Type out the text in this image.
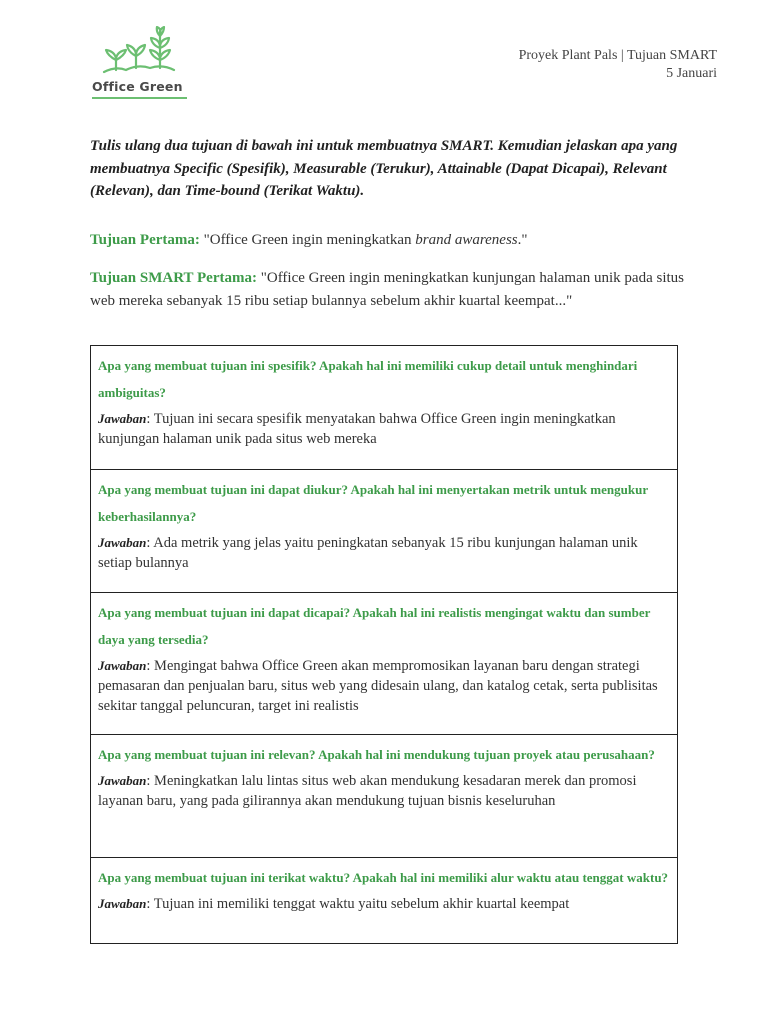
Office Green
Proyek Plant Pals | Tujuan SMART
5 Januari
Tulis ulang dua tujuan di bawah ini untuk membuatnya SMART. Kemudian jelaskan apa yang membuatnya Specific (Spesifik), Measurable (Terukur), Attainable (Dapat Dicapai), Relevant (Relevan), dan Time-bound (Terikat Waktu).
Tujuan Pertama: "Office Green ingin meningkatkan brand awareness."
Tujuan SMART Pertama: "Office Green ingin meningkatkan kunjungan halaman unik pada situs web mereka sebanyak 15 ribu setiap bulannya sebelum akhir kuartal keempat..."
Apa yang membuat tujuan ini spesifik? Apakah hal ini memiliki cukup detail untuk menghindari ambiguitas?
Jawaban: Tujuan ini secara spesifik menyatakan bahwa Office Green ingin meningkatkan kunjungan halaman unik pada situs web mereka
Apa yang membuat tujuan ini dapat diukur? Apakah hal ini menyertakan metrik untuk mengukur keberhasilannya?
Jawaban: Ada metrik yang jelas yaitu peningkatan sebanyak 15 ribu kunjungan halaman unik setiap bulannya
Apa yang membuat tujuan ini dapat dicapai? Apakah hal ini realistis mengingat waktu dan sumber daya yang tersedia?
Jawaban: Mengingat bahwa Office Green akan mempromosikan layanan baru dengan strategi pemasaran dan penjualan baru, situs web yang didesain ulang, dan katalog cetak, serta publisitas sekitar tanggal peluncuran, target ini realistis
Apa yang membuat tujuan ini relevan? Apakah hal ini mendukung tujuan proyek atau perusahaan?
Jawaban: Meningkatkan lalu lintas situs web akan mendukung kesadaran merek dan promosi layanan baru, yang pada gilirannya akan mendukung tujuan bisnis keseluruhan
Apa yang membuat tujuan ini terikat waktu? Apakah hal ini memiliki alur waktu atau tenggat waktu?
Jawaban: Tujuan ini memiliki tenggat waktu yaitu sebelum akhir kuartal keempat
